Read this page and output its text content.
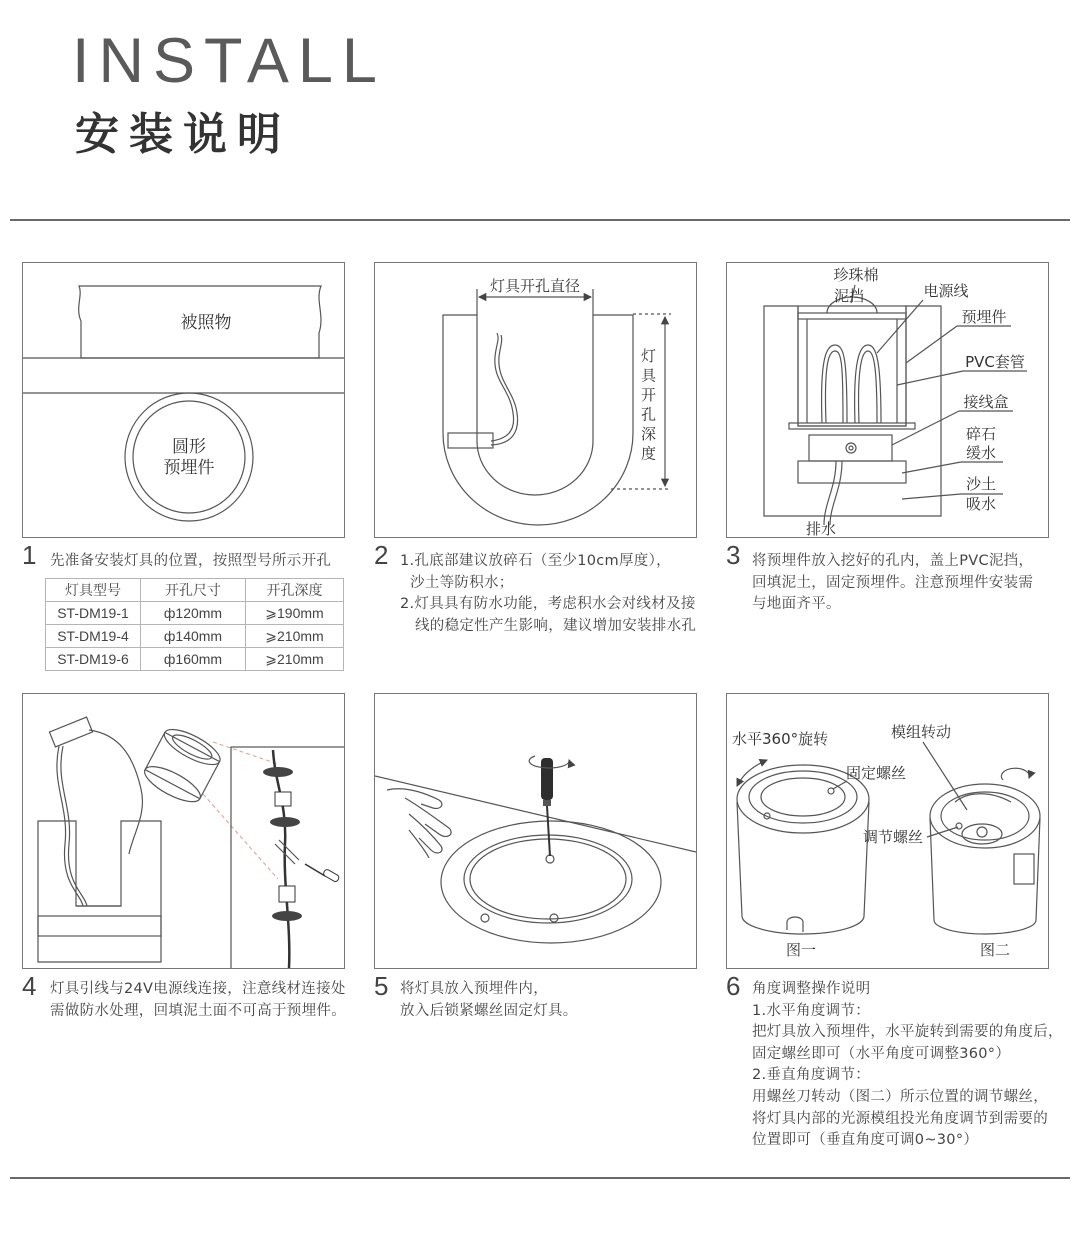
INSTALL
安装说明
被照物
圆形
预埋件
灯具开孔直径
灯具开孔深度
珍珠棉
泥挡	电源线
预埋件
PVC套管
接线盒
碎石
缓水
沙土
吸水
排水
1 先准备安装灯具的位置，按照型号所示开孔
灯具型号	开孔尺寸	开孔深度
ST-DM19-1	ф120mm	⩾190mm
ST-DM19-4	ф140mm	⩾210mm
ST-DM19-6	ф160mm	⩾210mm
2 1.孔底部建议放碎石（至少10cm厚度），
沙土等防积水；
2.灯具具有防水功能，考虑积水会对线材及接
线的稳定性产生影响，建议增加安装排水孔
3 将预埋件放入挖好的孔内，盖上PVC泥挡，
回填泥土，固定预埋件。注意预埋件安装需
与地面齐平。
水平360°旋转
固定螺丝
模组转动
调节螺丝
图一	图二
4 灯具引线与24V电源线连接，注意线材连接处
需做防水处理，回填泥土面不可高于预埋件。
5 将灯具放入预埋件内，
放入后锁紧螺丝固定灯具。
6 角度调整操作说明
1.水平角度调节：
把灯具放入预埋件，水平旋转到需要的角度后，
固定螺丝即可（水平角度可调整360°）
2.垂直角度调节：
用螺丝刀转动（图二）所示位置的调节螺丝，
将灯具内部的光源模组投光角度调节到需要的
位置即可（垂直角度可调0~30°）
